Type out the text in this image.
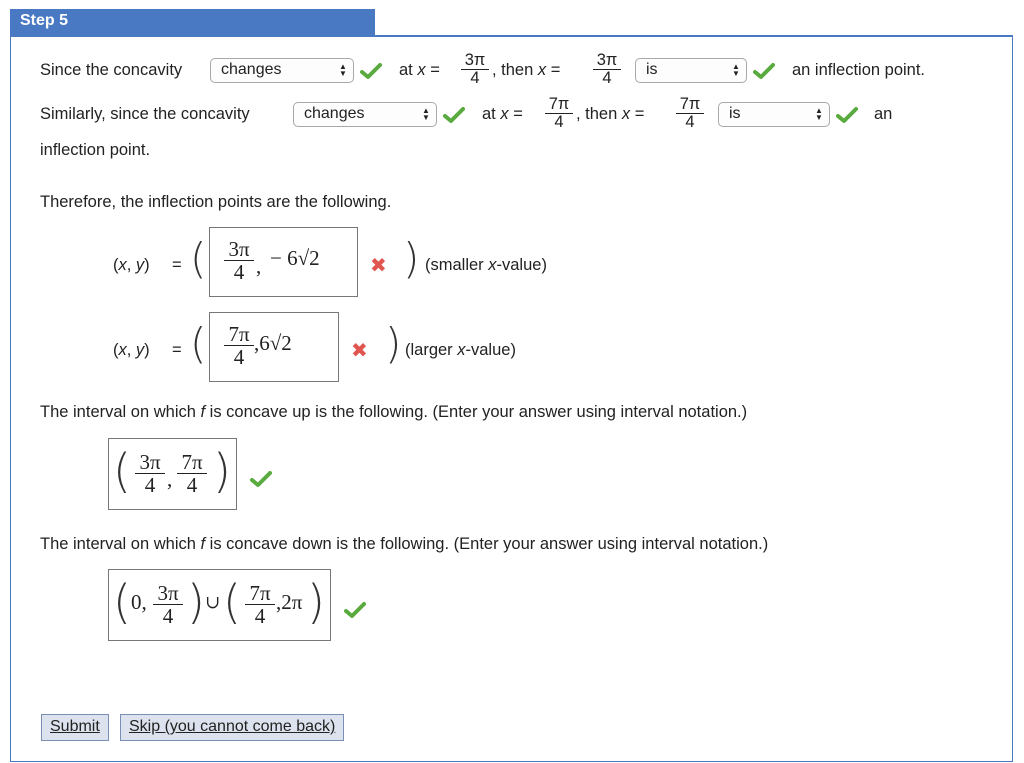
Step 5
Since the concavity	changes	▲
▼	at $x = \frac{3\pi}{4}$ , then $x = \frac{3\pi}{4}$	is	▲
▼	an inflection point.
Similarly, since the concavity	changes	▲
▼	at $x = \frac{7\pi}{4}$ , then $x = \frac{7\pi}{4}$	is	▲
▼	an
inflection point.
Therefore, the inflection points are the following.
(x, y) = ( $\frac{3\pi}{4}$ , − 6√2	✖ ) (smaller x-value)
(x, y) = ( $\frac{7\pi}{4} ,6√2$	✖ ) (larger x-value)
The interval on which f is concave up is the following. (Enter your answer using interval notation.)
( $\frac{3\pi}{4}$ , $\frac{7\pi}{4}$ )
The interval on which f is concave down is the following. (Enter your answer using interval notation.)
( 0, $\frac{3\pi}{4}$ ) ∪ ( $\frac{7\pi}{4} ,2\pi$ )
Submit	Skip (you cannot come back)
